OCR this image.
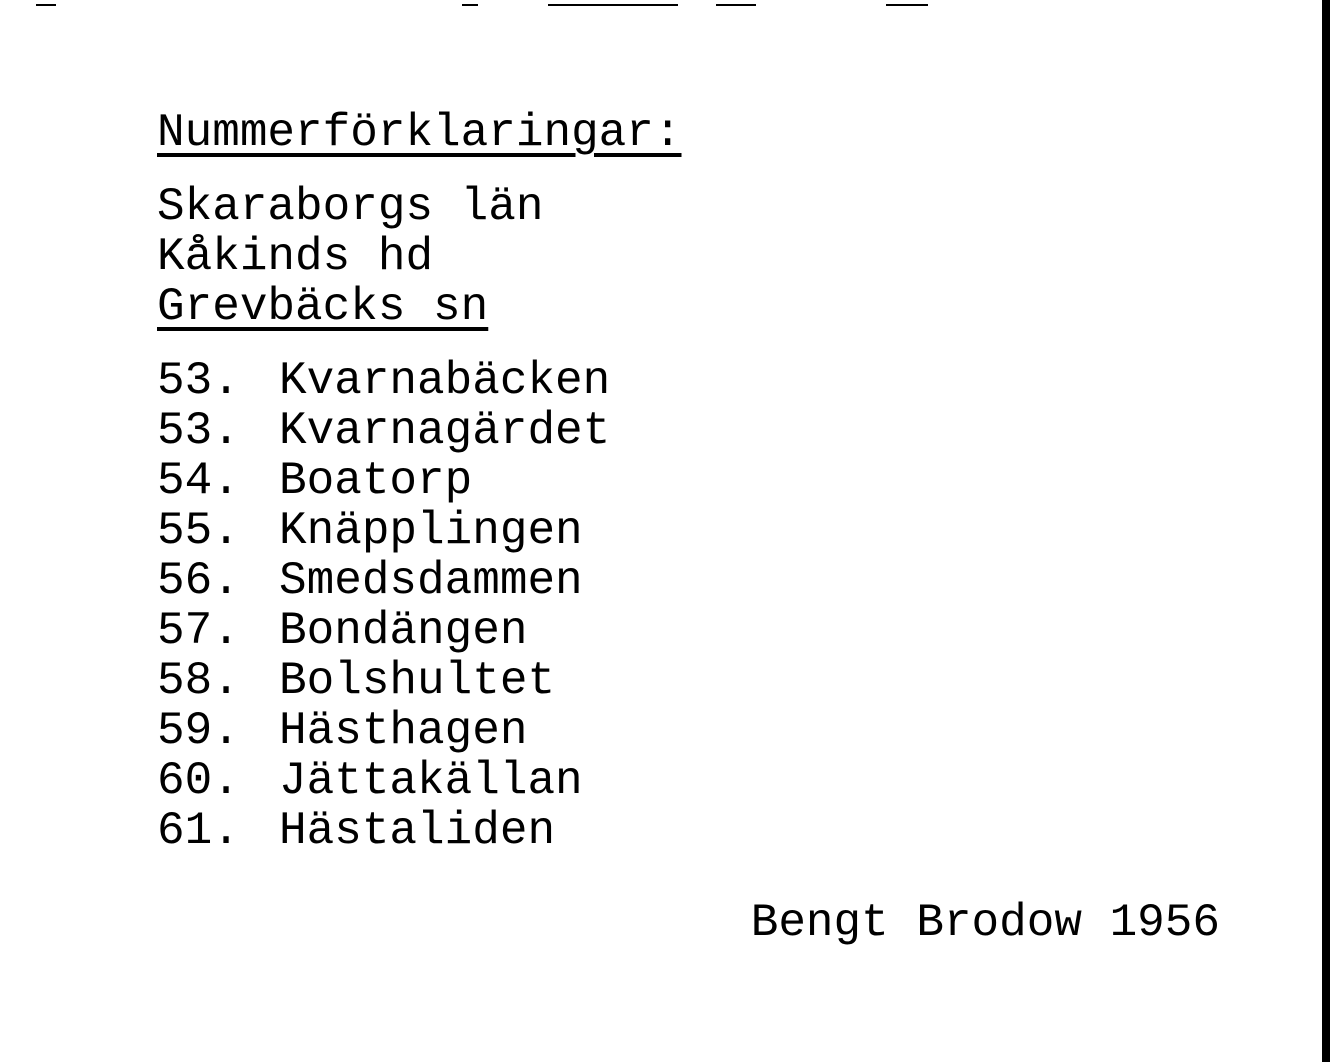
Nummerförklaringar:
Skaraborgs län
Kåkinds hd
Grevbäcks sn
53. Kvarnabäcken
53. Kvarnagärdet
54. Boatorp
55. Knäpplingen
56. Smedsdammen
57. Bondängen
58. Bolshultet
59. Hästhagen
60. Jättakällan
61. Hästaliden
Bengt Brodow 1956
